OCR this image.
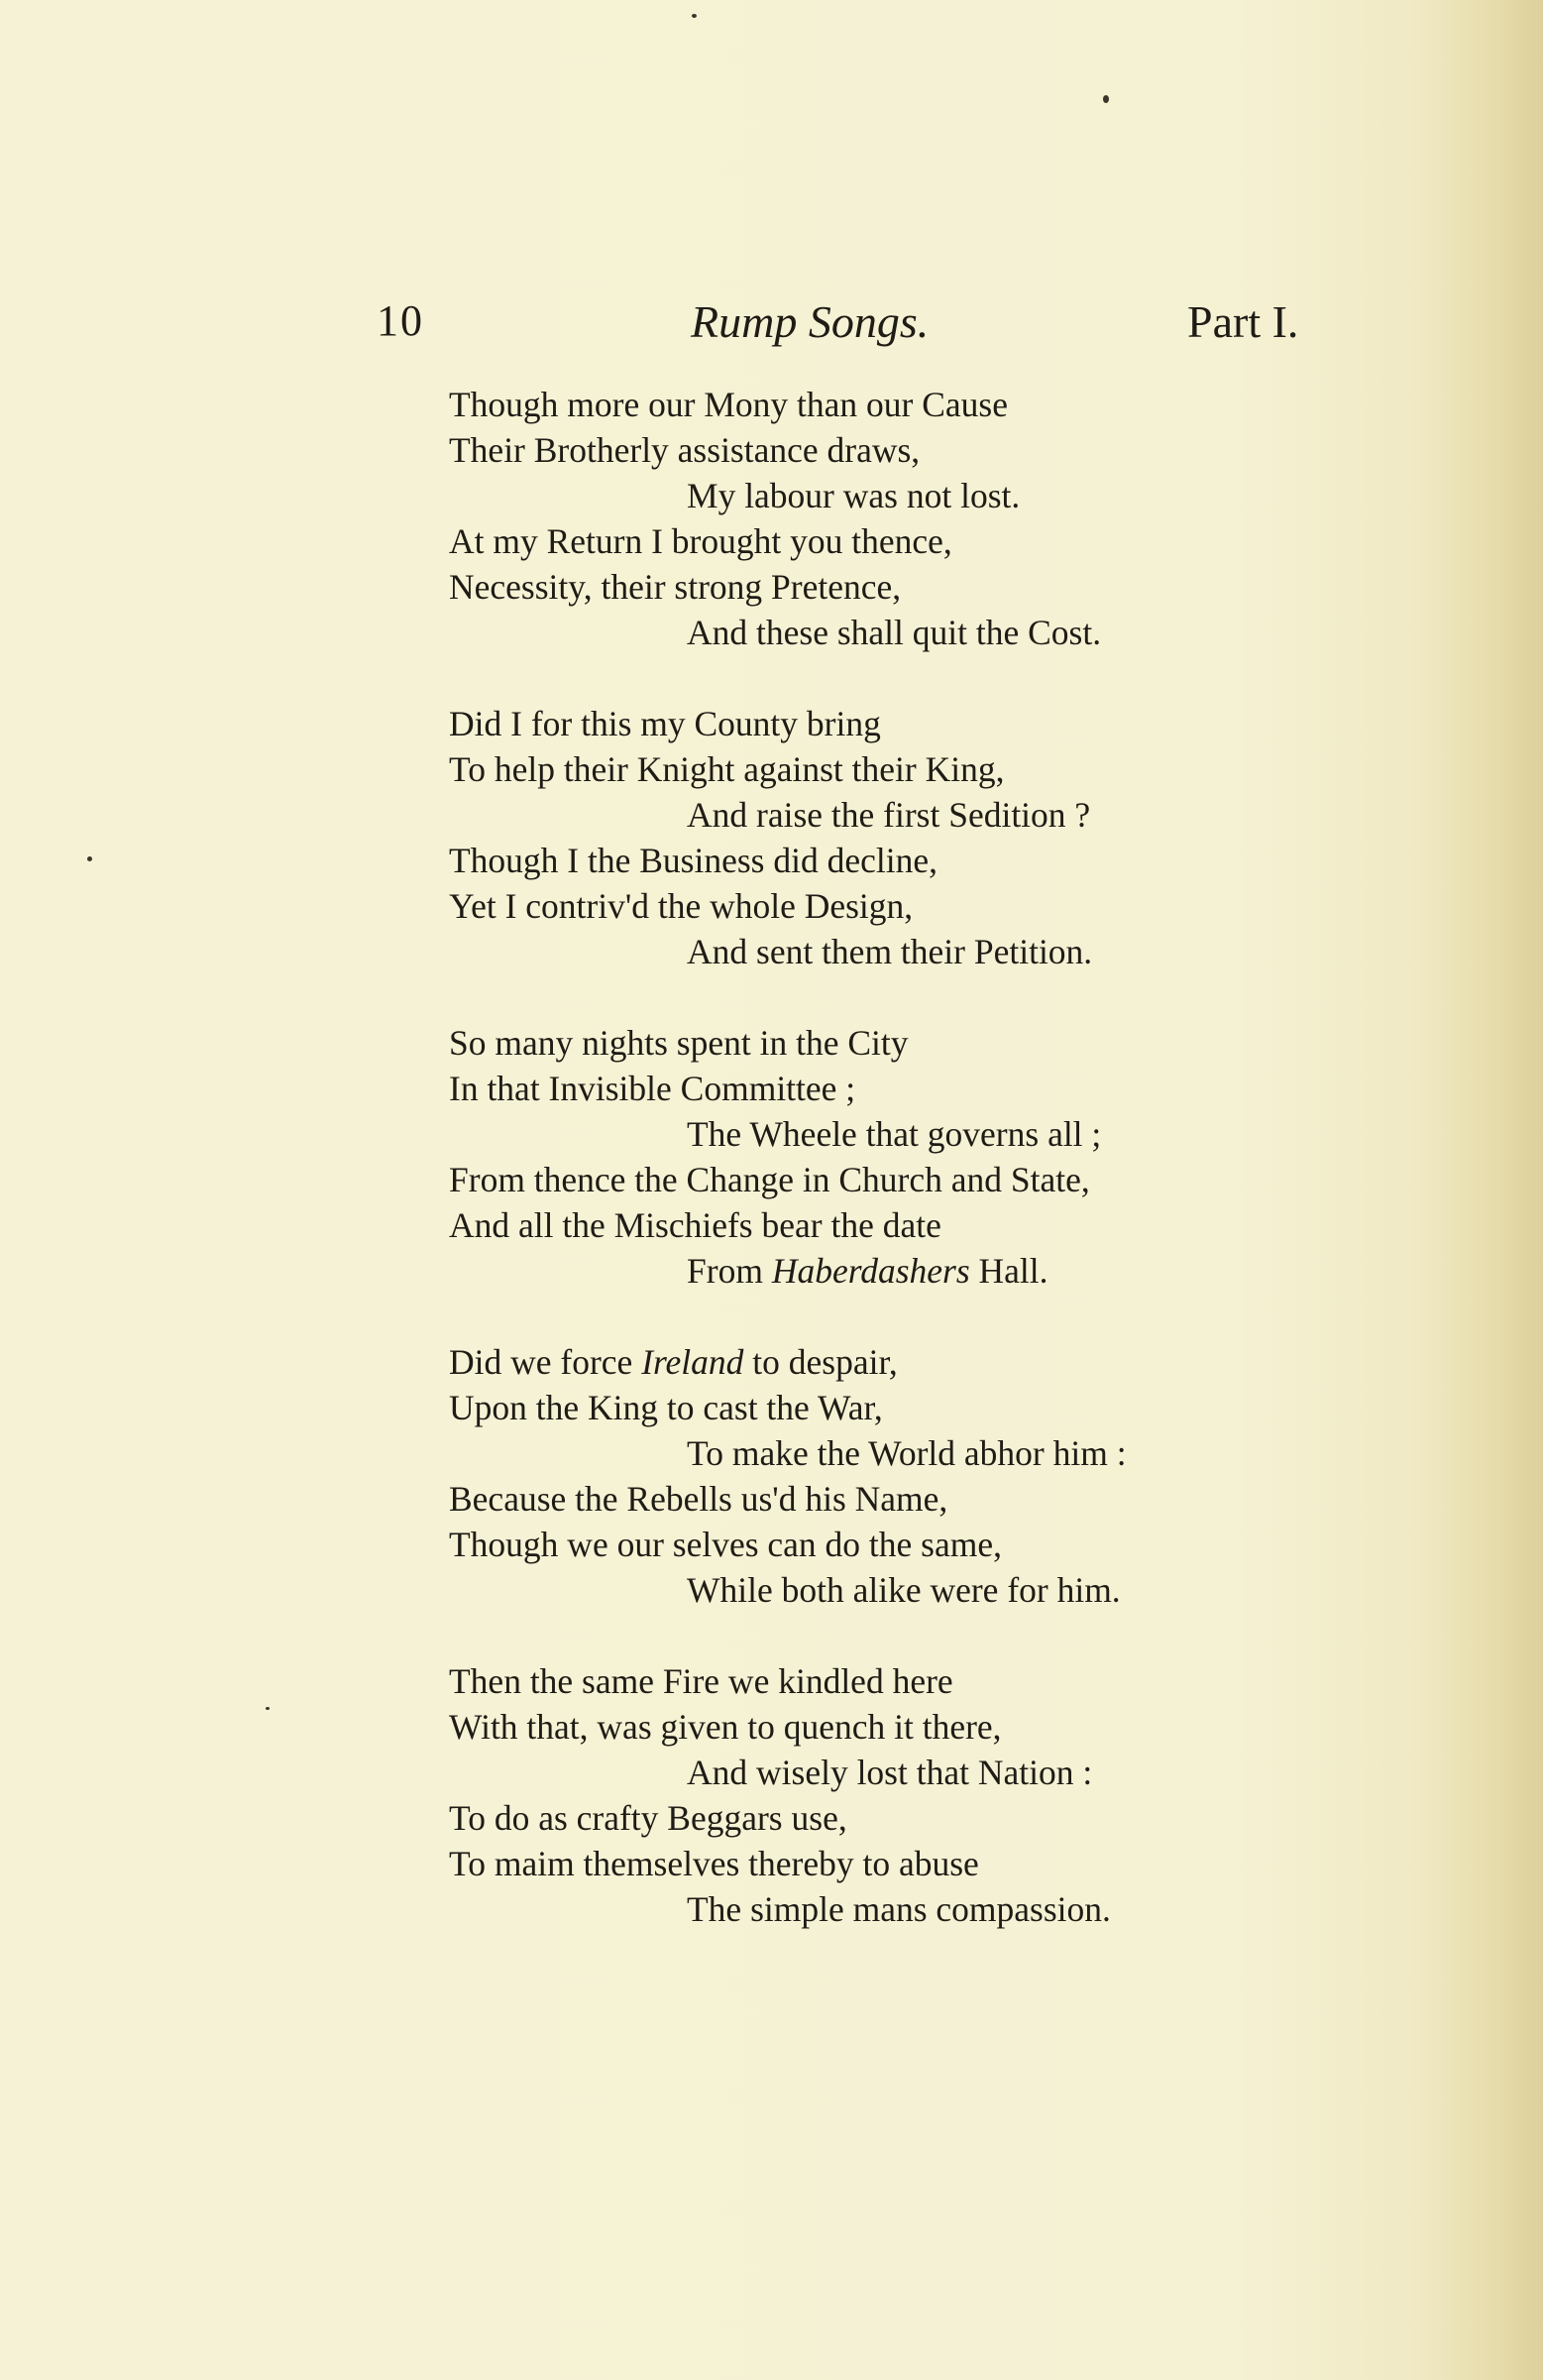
10	Rump Songs.	Part I.
Though more our Mony than our Cause
Their Brotherly assistance draws,
My labour was not lost.
At my Return I brought you thence,
Necessity, their strong Pretence,
And these shall quit the Cost.
Did I for this my County bring
To help their Knight against their King,
And raise the first Sedition ?
Though I the Business did decline,
Yet I contriv'd the whole Design,
And sent them their Petition.
So many nights spent in the City
In that Invisible Committee ;
The Wheele that governs all ;
From thence the Change in Church and State,
And all the Mischiefs bear the date
From Haberdashers Hall.
Did we force Ireland to despair,
Upon the King to cast the War,
To make the World abhor him :
Because the Rebells us'd his Name,
Though we our selves can do the same,
While both alike were for him.
Then the same Fire we kindled here
With that, was given to quench it there,
And wisely lost that Nation :
To do as crafty Beggars use,
To maim themselves thereby to abuse
The simple mans compassion.
